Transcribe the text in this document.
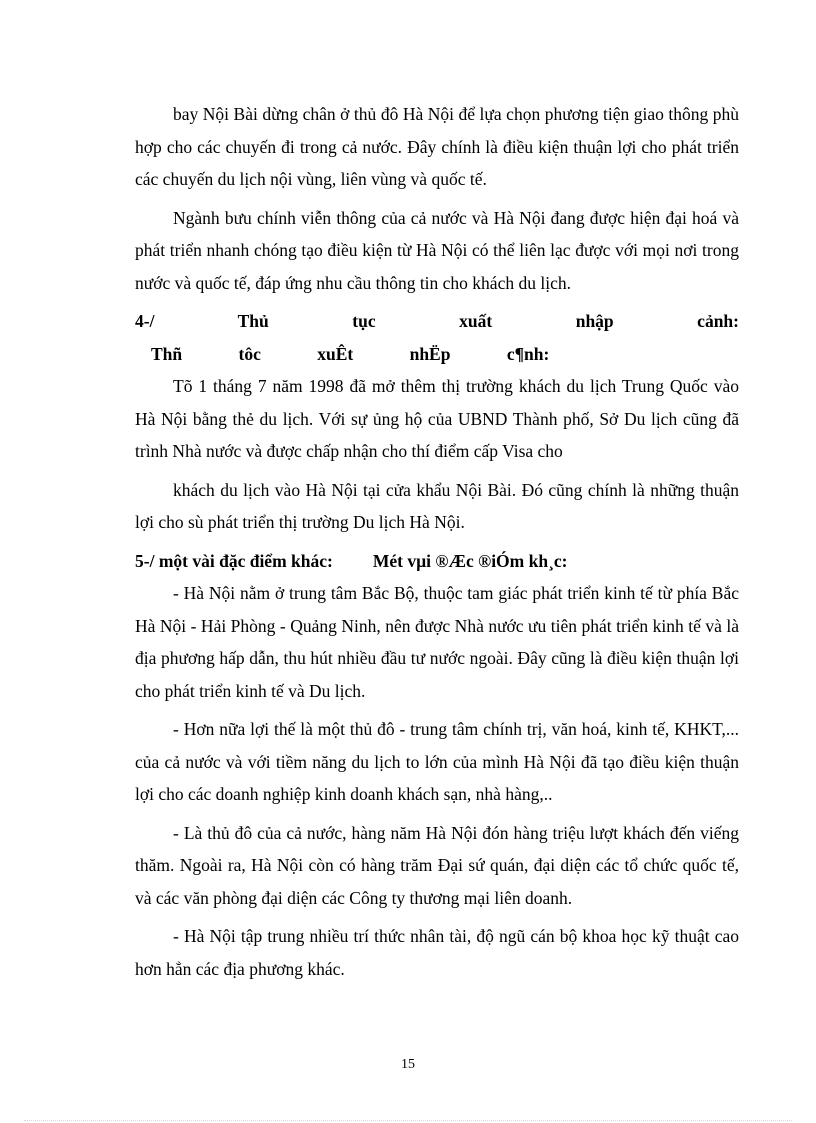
bay Nội Bài dừng chân ở thủ đô Hà Nội để lựa chọn phương tiện giao thông phù hợp cho các chuyến đi trong cả nước. Đây chính là điều kiện thuận lợi cho phát triển các chuyến du lịch nội vùng, liên vùng và quốc tế.

Ngành bưu chính viễn thông của cả nước và Hà Nội đang được hiện đại hoá và phát triển nhanh chóng tạo điều kiện từ Hà Nội có thể liên lạc được với mọi nơi trong nước và quốc tế, đáp ứng nhu cầu thông tin cho khách du lịch.

4-/ Thủ tục xuất nhập cảnh:Thñ tôc xuÊt nhËp c¶nh:

Tõ 1 tháng 7 năm 1998 đã mở thêm thị trường khách du lịch Trung Quốc vào Hà Nội bằng thẻ du lịch. Với sự ủng hộ của UBND Thành phố, Sở Du lịch cũng đã trình Nhà nước và được chấp nhận cho thí điểm cấp Visa cho

khách du lịch vào Hà Nội tại cửa khẩu Nội Bài. Đó cũng chính là những thuận lợi cho sù phát triển thị trường Du lịch Hà Nội.

5-/ một vài đặc điểm khác: Mét vµi ®Æc ®iÓm kh¸c:

- Hà Nội nằm ở trung tâm Bắc Bộ, thuộc tam giác phát triển kinh tế từ phía Bắc Hà Nội - Hải Phòng - Quảng Ninh, nên được Nhà nước ưu tiên phát triển kinh tế và là địa phương hấp dẫn, thu hút nhiều đầu tư nước ngoài. Đây cũng là điều kiện thuận lợi cho phát triển kinh tế và Du lịch.

- Hơn nữa lợi thế là một thủ đô - trung tâm chính trị, văn hoá, kinh tế, KHKT,... của cả nước và với tiềm năng du lịch to lớn của mình Hà Nội đã tạo điều kiện thuận lợi cho các doanh nghiệp kinh doanh khách sạn, nhà hàng,..

- Là thủ đô của cả nước, hàng năm Hà Nội đón hàng triệu lượt khách đến viếng thăm. Ngoài ra, Hà Nội còn có hàng trăm Đại sứ quán, đại diện các tổ chức quốc tế, và các văn phòng đại diện các Công ty thương mại liên doanh.

- Hà Nội tập trung nhiều trí thức nhân tài, độ ngũ cán bộ khoa học kỹ thuật cao hơn hẳn các địa phương khác.

15
